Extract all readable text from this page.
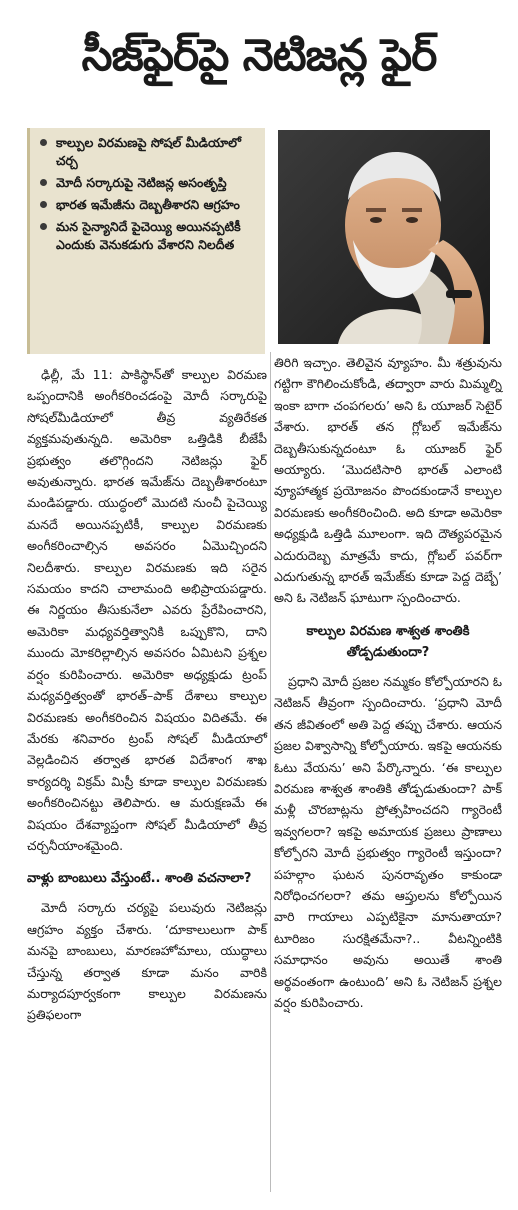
సీజ్‌ఫైర్‌పై నెటిజన్ల ఫైర్
కాల్పుల విరమణపై సోషల్ మీడియాలో చర్చ
మోదీ సర్కారుపై నెటిజన్ల అసంతృప్తి
భారత ఇమేజీను దెబ్బతీశారని ఆగ్రహం
మన సైన్యానిదే పైచెయ్యి అయినప్పటికీ ఎందుకు వెనుకడుగు వేశారని నిలదీత

ఢిల్లీ, మే 11: పాకిస్థాన్‌తో కాల్పుల విరమణ ఒప్పందానికి అంగీకరించడంపై మోదీ సర్కారుపై సోషల్‌మీడియాలో తీవ్ర వ్యతిరేకత వ్యక్తమవుతున్నది. అమెరికా ఒత్తిడికి బీజేపీ ప్రభుత్వం తలొగ్గిందని నెటిజన్లు ఫైర్ అవుతున్నారు. భారత ఇమేజ్‌ను దెబ్బతీశారంటూ మండిపడ్డారు. యుద్ధంలో మొదటి నుంచీ పైచెయ్యి మనదే అయినప్పటికీ, కాల్పుల విరమణకు అంగీకరించాల్సిన అవసరం ఏమొచ్చిందని నిలదీశారు. కాల్పుల విరమణకు ఇది సరైన సమయం కాదని చాలామంది అభిప్రాయపడ్డారు. ఈ నిర్ణయం తీసుకునేలా ఎవరు ప్రేరేపించారని, అమెరికా మధ్యవర్తిత్వానికి ఒప్పుకొని, దాని ముందు మోకరిల్లాల్సిన అవసరం ఏమిటని ప్రశ్నల వర్షం కురిపించారు. అమెరికా అధ్యక్షుడు ట్రంప్ మధ్యవర్తిత్వంతో భారత్–పాక్ దేశాలు కాల్పుల విరమణకు అంగీకరించిన విషయం విదితమే. ఈ మేరకు శనివారం ట్రంప్ సోషల్ మీడియాలో వెల్లడించిన తర్వాత భారత విదేశాంగ శాఖ కార్యదర్శి విక్రమ్ మిస్రీ కూడా కాల్పుల విరమణకు అంగీకరించినట్టు తెలిపారు. ఆ మరుక్షణమే ఈ విషయం దేశవ్యాప్తంగా సోషల్ మీడియాలో తీవ్ర చర్చనీయాంశమైంది.

వాళ్లు బాంబులు వేస్తుంటే.. శాంతి వచనాలా?

మోదీ సర్కారు చర్యపై పలువురు నెటిజన్లు ఆగ్రహం వ్యక్తం చేశారు. ‘దూకాలులుగా పాక్ మనపై బాంబులు, మారణహోమాలు, యుద్ధాలు చేస్తున్న తర్వాత కూడా మనం వారికి మర్యాదపూర్వకంగా కాల్పుల విరమణను ప్రతిఫలంగా

తిరిగి ఇచ్చాం. తెలివైన వ్యూహం. మీ శత్రువును గట్టిగా కౌగిలించుకోండి, తద్వారా వారు మిమ్మల్ని ఇంకా బాగా చంపగలరు’ అని ఓ యూజర్ సెటైర్ వేశారు. భారత్ తన గ్లోబల్ ఇమేజ్‌ను దెబ్బతీసుకున్నదంటూ ఓ యూజర్ ఫైర్ అయ్యారు. ‘మొదటిసారి భారత్ ఎలాంటి వ్యూహాత్మక ప్రయోజనం పొందకుండానే కాల్పుల విరమణకు అంగీకరించింది. అది కూడా అమెరికా అధ్యక్షుడి ఒత్తిడి మూలంగా. ఇది దౌత్యపరమైన ఎదురుదెబ్బ మాత్రమే కాదు, గ్లోబల్ పవర్‌గా ఎదుగుతున్న భారత్ ఇమేజ్‌కు కూడా పెద్ద దెబ్బే’ అని ఓ నెటిజన్ ఘాటుగా స్పందించారు.

కాల్పుల విరమణ శాశ్వత శాంతికి తోడ్పడుతుందా?

ప్రధాని మోదీ ప్రజల నమ్మకం కోల్పోయారని ఓ నెటిజన్ తీవ్రంగా స్పందించారు. ‘ప్రధాని మోదీ తన జీవితంలో అతి పెద్ద తప్పు చేశారు. ఆయన ప్రజల విశ్వాసాన్ని కోల్పోయారు. ఇకపై ఆయనకు ఓటు వేయను’ అని పేర్కొన్నారు. ‘ఈ కాల్పుల విరమణ శాశ్వత శాంతికి తోడ్పడుతుందా? పాక్ మళ్లీ చొరబాట్లను ప్రోత్సహించదని గ్యారెంటీ ఇవ్వగలరా? ఇకపై అమాయక ప్రజలు ప్రాణాలు కోల్పోరని మోదీ ప్రభుత్వం గ్యారెంటీ ఇస్తుందా? పహల్గాం ఘటన పునరావృతం కాకుండా నిరోధించగలరా? తమ ఆప్తులను కోల్పోయిన వారి గాయాలు ఎప్పటికైనా మానుతాయా? టూరిజం సురక్షితమేనా?.. వీటన్నింటికి సమాధానం అవును అయితే శాంతి అర్థవంతంగా ఉంటుంది’ అని ఓ నెటిజన్ ప్రశ్నల వర్షం కురిపించారు.
